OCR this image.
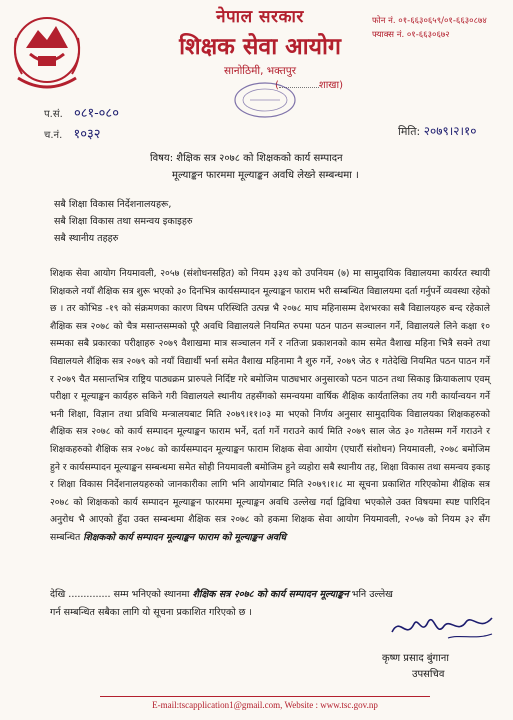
नेपाल सरकार
शिक्षक सेवा आयोग
सानोठिमी, भक्तपुर
(	शाखा)
फोन नं. ०१-६६३०६५९/०१-६६३०८७४
फ्याक्स नं. ०१-६६३०६७२
प.सं. ०८१-०८०
च.नं. १०३२	मिति: २०७९।२।१०
विषय: शैक्षिक सत्र २०७८ को शिक्षकको कार्य सम्पादन
मूल्याङ्कन फारममा मूल्याङ्कन अवधि लेख्ने सम्बन्धमा ।
सबै शिक्षा विकास निर्देशनालयहरू,
सबै शिक्षा विकास तथा समन्वय इकाइहरु
सबै स्थानीय तहहरु
शिक्षक सेवा आयोग नियमावली, २०५७ (संशोधनसहित) को नियम ३३ध को उपनियम (७) मा सामुदायिक विद्यालयमा कार्यरत स्थायी शिक्षकले नयाँ शैक्षिक सत्र शुरू भएको ३० दिनभित्र कार्यसम्पादन मूल्याङ्कन फाराम भरी सम्बन्धित विद्यालयमा दर्ता गर्नुपर्ने व्यवस्था रहेको छ । तर कोभिड -१९ को संक्रमणका कारण विषम परिस्थिति उत्पन्न भै २०७८ माघ महिनासम्म देशभरका सबै विद्यालयहरु बन्द रहेकाले शैक्षिक सत्र २०७८ को चैत्र मसान्तसम्मको पूरै अवधि विद्यालयले नियमित रुपमा पठन पाठन सञ्चालन गर्ने, विद्यालयले लिने कक्षा १० सम्मका सबै प्रकारका परीक्षाहरु २०७९ वैशाखमा मात्र सञ्चालन गर्ने र नतिजा प्रकाशनको काम समेत वैशाख महिना भित्रै सक्ने तथा विद्यालयले शैक्षिक सत्र २०७९ को नयाँ विद्यार्थी भर्ना समेत वैशाख महिनामा नै शुरु गर्ने, २०७९ जेठ १ गतेदेखि नियमित पठन पाठन गर्ने र २०७९ चैत मसान्तभित्र राष्ट्रिय पाठ्यक्रम प्रारुपले निर्दिष्ट गरे बमोजिम पाठ्यभार अनुसारको पठन पाठन तथा सिकाइ क्रियाकलाप एवम् परीक्षा र मूल्याङ्कन कार्यहरु सकिने गरी विद्यालयले स्थानीय तहसँगको समन्वयमा वार्षिक शैक्षिक कार्यतालिका तय गरी कार्यान्वयन गर्ने भनी शिक्षा, विज्ञान तथा प्रविधि मन्त्रालयबाट मिति २०७९।११।०३ मा भएको निर्णय अनुसार सामुदायिक विद्यालयका शिक्षकहरुको शैक्षिक सत्र २०७८ को कार्य सम्पादन मूल्याङ्कन फाराम भर्ने, दर्ता गर्ने गराउने कार्य मिति २०७९ साल जेठ ३० गतेसम्म गर्ने गराउने र शिक्षकहरुको शैक्षिक सत्र २०७८ को कार्यसम्पादन मूल्याङ्कन फाराम शिक्षक सेवा आयोग (एघारौं संशोधन) नियमावली, २०७८ बमोजिम हुने र कार्यसम्पादन मूल्याङ्कन सम्बन्धमा समेत सोही नियमावली बमोजिम हुने व्यहोरा सबै स्थानीय तह, शिक्षा विकास तथा समन्वय इकाइ र शिक्षा विकास निर्देशनालयहरुको जानकारीका लागि भनि आयोगबाट मिति २०७९।१।८ मा सूचना प्रकाशित गरिएकोमा शैक्षिक सत्र २०७८ को शिक्षकको कार्य सम्पादन मूल्याङ्कन फारममा मूल्याङ्कन अवधि उल्लेख गर्दा द्विविधा भएकोले उक्त विषयमा स्पष्ट पारिदिन अनुरोध भै आएको हुँदा उक्त सम्बन्धमा शैक्षिक सत्र २०७८ को हकमा शिक्षक सेवा आयोग नियमावली, २०५७ को नियम ३२ सँग सम्बन्धित शिक्षकको कार्य सम्पादन मूल्याङ्कन फाराम को मूल्याङ्कन अवधि
देखि .............. सम्म भनिएको स्थानमा शैक्षिक सत्र २०७८ को कार्य सम्पादन मूल्याङ्कन भनि उल्लेख
गर्न सम्बन्धित सबैका लागि यो सूचना प्रकाशित गरिएको छ ।
कृष्ण प्रसाद बुंगाना
उपसचिव
E-mail:tscapplication1@gmail.com, Website : www.tsc.gov.np
